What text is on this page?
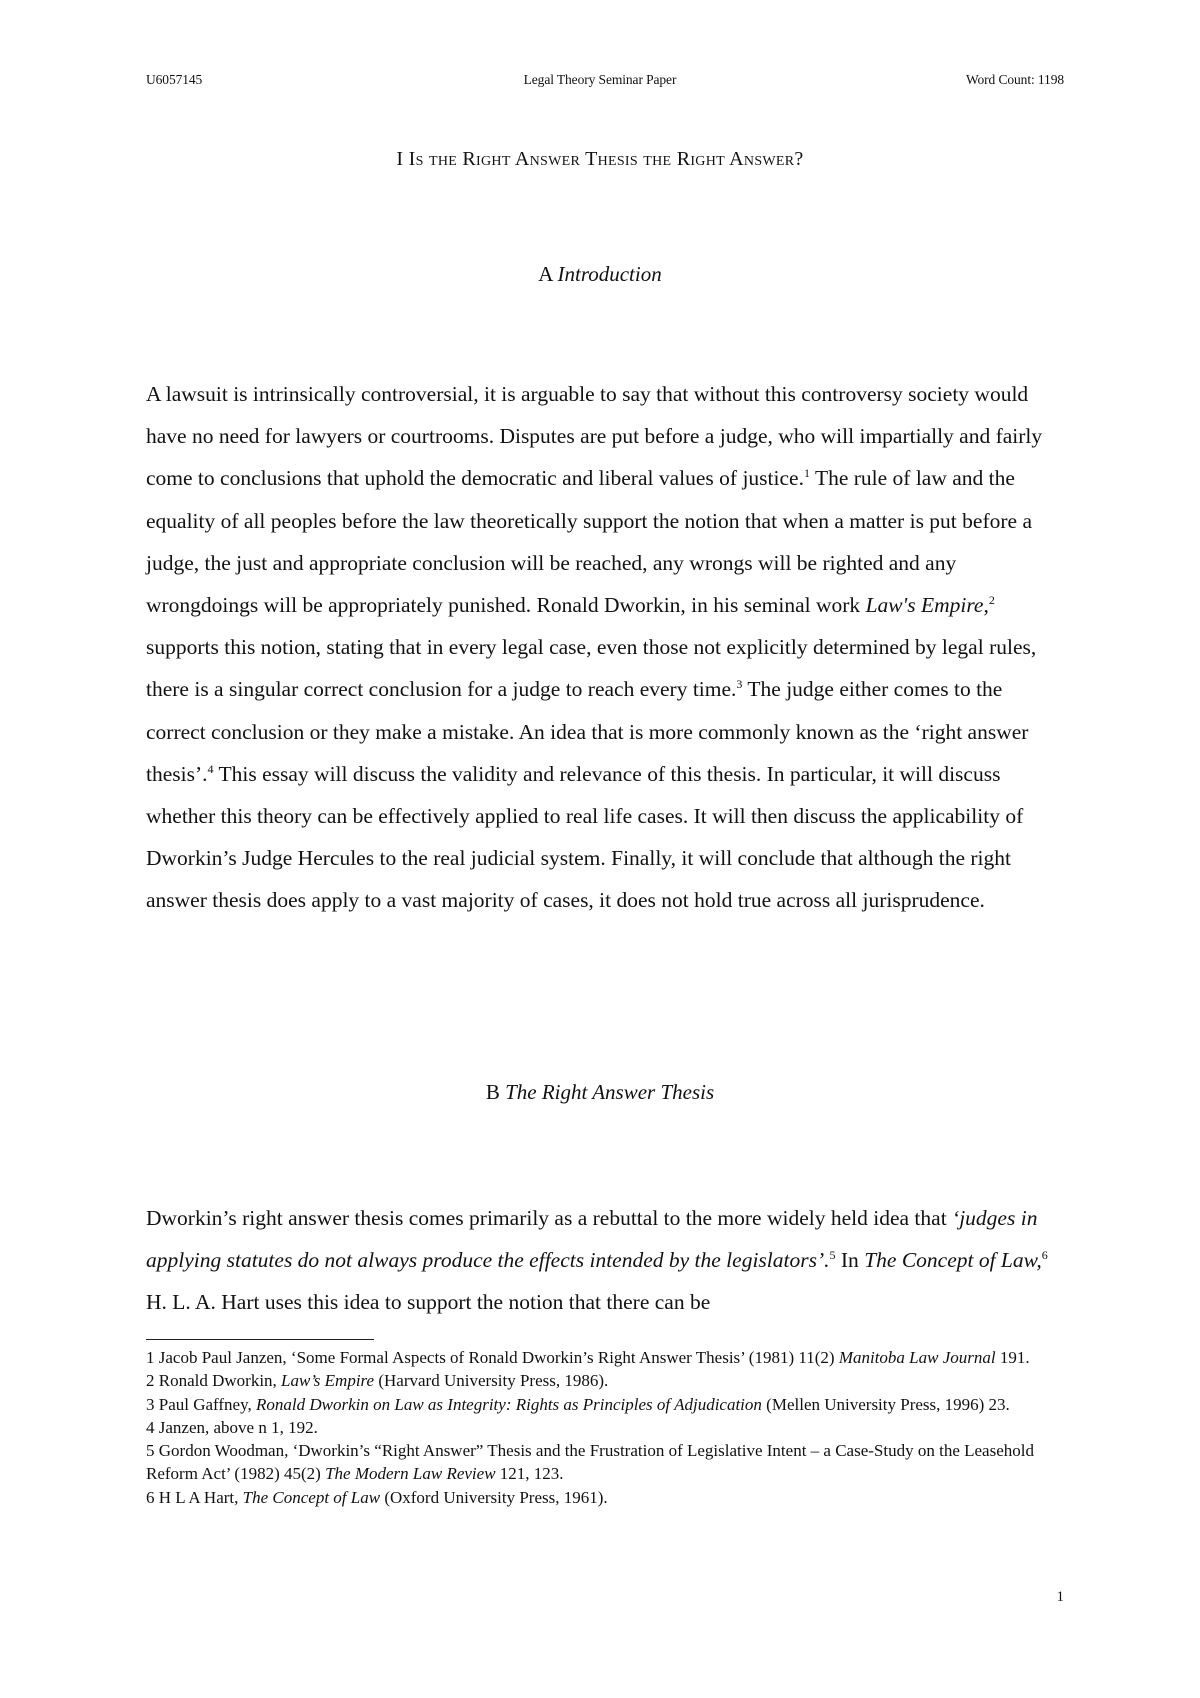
U6057145	Legal Theory Seminar Paper	Word Count: 1198
I Is the Right Answer Thesis the Right Answer?
A Introduction
A lawsuit is intrinsically controversial, it is arguable to say that without this controversy society would have no need for lawyers or courtrooms. Disputes are put before a judge, who will impartially and fairly come to conclusions that uphold the democratic and liberal values of justice.$^1$ The rule of law and the equality of all peoples before the law theoretically support the notion that when a matter is put before a judge, the just and appropriate conclusion will be reached, any wrongs will be righted and any wrongdoings will be appropriately punished. Ronald Dworkin, in his seminal work Law's Empire,$^2$ supports this notion, stating that in every legal case, even those not explicitly determined by legal rules, there is a singular correct conclusion for a judge to reach every time.$^3$ The judge either comes to the correct conclusion or they make a mistake. An idea that is more commonly known as the ‘right answer thesis’.$^4$ This essay will discuss the validity and relevance of this thesis. In particular, it will discuss whether this theory can be effectively applied to real life cases. It will then discuss the applicability of Dworkin’s Judge Hercules to the real judicial system. Finally, it will conclude that although the right answer thesis does apply to a vast majority of cases, it does not hold true across all jurisprudence.
B The Right Answer Thesis
Dworkin’s right answer thesis comes primarily as a rebuttal to the more widely held idea that ‘judges in applying statutes do not always produce the effects intended by the legislators’.$^5$ In The Concept of Law,$^6$ H. L. A. Hart uses this idea to support the notion that there can be

1 Jacob Paul Janzen, ‘Some Formal Aspects of Ronald Dworkin’s Right Answer Thesis’ (1981) 11(2) Manitoba Law Journal 191.

2 Ronald Dworkin, Law’s Empire (Harvard University Press, 1986).

3 Paul Gaffney, Ronald Dworkin on Law as Integrity: Rights as Principles of Adjudication (Mellen University Press, 1996) 23.

4 Janzen, above n 1, 192.

5 Gordon Woodman, ‘Dworkin’s “Right Answer” Thesis and the Frustration of Legislative Intent – a Case-Study on the Leasehold Reform Act’ (1982) 45(2) The Modern Law Review 121, 123.

6 H L A Hart, The Concept of Law (Oxford University Press, 1961).

1
